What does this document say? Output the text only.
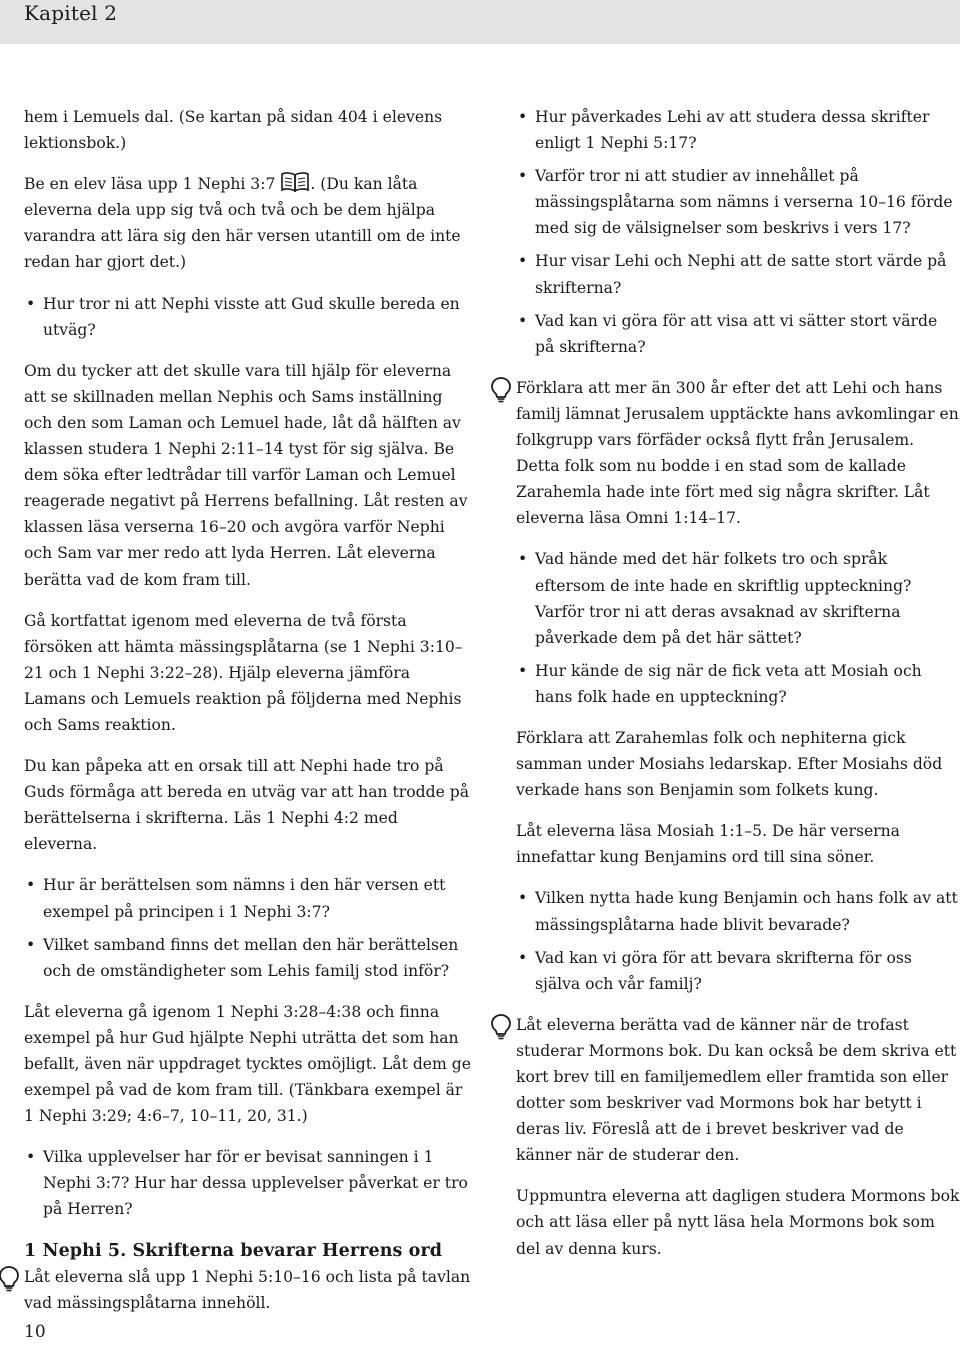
Kapitel 2

hem i Lemuels dal. (Se kartan på sidan 404 i elevens lektionsbok.)

Be en elev läsa upp 1 Nephi 3:7 . (Du kan låta eleverna dela upp sig två och två och be dem hjälpa varandra att lära sig den här versen utantill om de inte redan har gjort det.)

• Hur tror ni att Nephi visste att Gud skulle bereda en utväg?

Om du tycker att det skulle vara till hjälp för eleverna att se skillnaden mellan Nephis och Sams inställning och den som Laman och Lemuel hade, låt då hälften av klassen studera 1 Nephi 2:11–14 tyst för sig själva. Be dem söka efter ledtrådar till varför Laman och Lemuel reagerade negativt på Herrens befallning. Låt resten av klassen läsa verserna 16–20 och avgöra varför Nephi och Sam var mer redo att lyda Herren. Låt eleverna berätta vad de kom fram till.

Gå kortfattat igenom med eleverna de två första försöken att hämta mässingsplåtarna (se 1 Nephi 3:10–21 och 1 Nephi 3:22–28). Hjälp eleverna jämföra Lamans och Lemuels reaktion på följderna med Nephis och Sams reaktion.

Du kan påpeka att en orsak till att Nephi hade tro på Guds förmåga att bereda en utväg var att han trodde på berättelserna i skrifterna. Läs 1 Nephi 4:2 med eleverna.

• Hur är berättelsen som nämns i den här versen ett exempel på principen i 1 Nephi 3:7?

• Vilket samband finns det mellan den här berättelsen och de omständigheter som Lehis familj stod inför?

Låt eleverna gå igenom 1 Nephi 3:28–4:38 och finna exempel på hur Gud hjälpte Nephi uträtta det som han befallt, även när uppdraget tycktes omöjligt. Låt dem ge exempel på vad de kom fram till. (Tänkbara exempel är 1 Nephi 3:29; 4:6–7, 10–11, 20, 31.)

• Vilka upplevelser har för er bevisat sanningen i 1 Nephi 3:7? Hur har dessa upplevelser påverkat er tro på Herren?

1 Nephi 5. Skrifterna bevarar Herrens ord

Låt eleverna slå upp 1 Nephi 5:10–16 och lista på tavlan vad mässingsplåtarna innehöll.

• Hur påverkades Lehi av att studera dessa skrifter enligt 1 Nephi 5:17?

• Varför tror ni att studier av innehållet på mässingsplåtarna som nämns i verserna 10–16 förde med sig de välsignelser som beskrivs i vers 17?

• Hur visar Lehi och Nephi att de satte stort värde på skrifterna?

• Vad kan vi göra för att visa att vi sätter stort värde på skrifterna?

Förklara att mer än 300 år efter det att Lehi och hans familj lämnat Jerusalem upptäckte hans avkomlingar en folkgrupp vars förfäder också flytt från Jerusalem. Detta folk som nu bodde i en stad som de kallade Zarahemla hade inte fört med sig några skrifter. Låt eleverna läsa Omni 1:14–17.

• Vad hände med det här folkets tro och språk eftersom de inte hade en skriftlig uppteckning? Varför tror ni att deras avsaknad av skrifterna påverkade dem på det här sättet?

• Hur kände de sig när de fick veta att Mosiah och hans folk hade en uppteckning?

Förklara att Zarahemlas folk och nephiterna gick samman under Mosiahs ledarskap. Efter Mosiahs död verkade hans son Benjamin som folkets kung.

Låt eleverna läsa Mosiah 1:1–5. De här verserna innefattar kung Benjamins ord till sina söner.

• Vilken nytta hade kung Benjamin och hans folk av att mässingsplåtarna hade blivit bevarade?

• Vad kan vi göra för att bevara skrifterna för oss själva och vår familj?

Låt eleverna berätta vad de känner när de trofast studerar Mormons bok. Du kan också be dem skriva ett kort brev till en familjemedlem eller framtida son eller dotter som beskriver vad Mormons bok har betytt i deras liv. Föreslå att de i brevet beskriver vad de känner när de studerar den.

Uppmuntra eleverna att dagligen studera Mormons bok och att läsa eller på nytt läsa hela Mormons bok som del av denna kurs.

10
